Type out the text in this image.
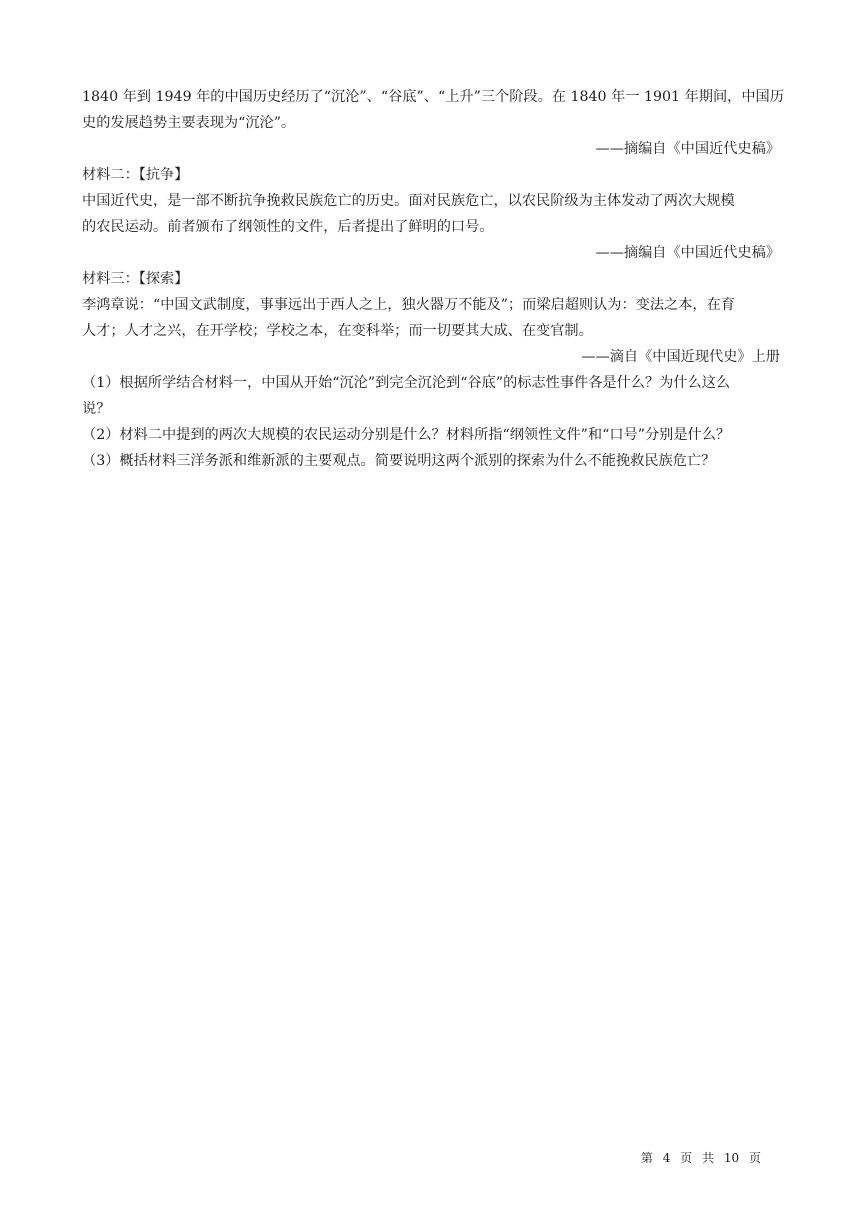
1840 年到 1949 年的中国历史经历了“沉沦”、“谷底”、“上升”三个阶段。在 1840 年一 1901 年期间，中国历
史的发展趋势主要表现为“沉沦”。
——摘编自《中国近代史稿》
材料二：【抗争】
中国近代史，是一部不断抗争挽救民族危亡的历史。面对民族危亡，以农民阶级为主体发动了两次大规模
的农民运动。前者颁布了纲领性的文件，后者提出了鲜明的口号。
——摘编自《中国近代史稿》
材料三：【探索】
李鸿章说：“中国文武制度，事事远出于西人之上，独火器万不能及”；而梁启超则认为：变法之本，在育
人才；人才之兴，在开学校；学校之本，在变科举；而一切要其大成、在变官制。
——滴自《中国近现代史》上册
（1）根据所学结合材料一，中国从开始“沉沦”到完全沉沦到“谷底”的标志性事件各是什么？为什么这么
说？
（2）材料二中提到的两次大规模的农民运动分别是什么？材料所指“纲领性文件”和“口号”分别是什么？
（3）概括材料三洋务派和维新派的主要观点。简要说明这两个派别的探索为什么不能挽救民族危亡？
第 4 页 共 10 页
